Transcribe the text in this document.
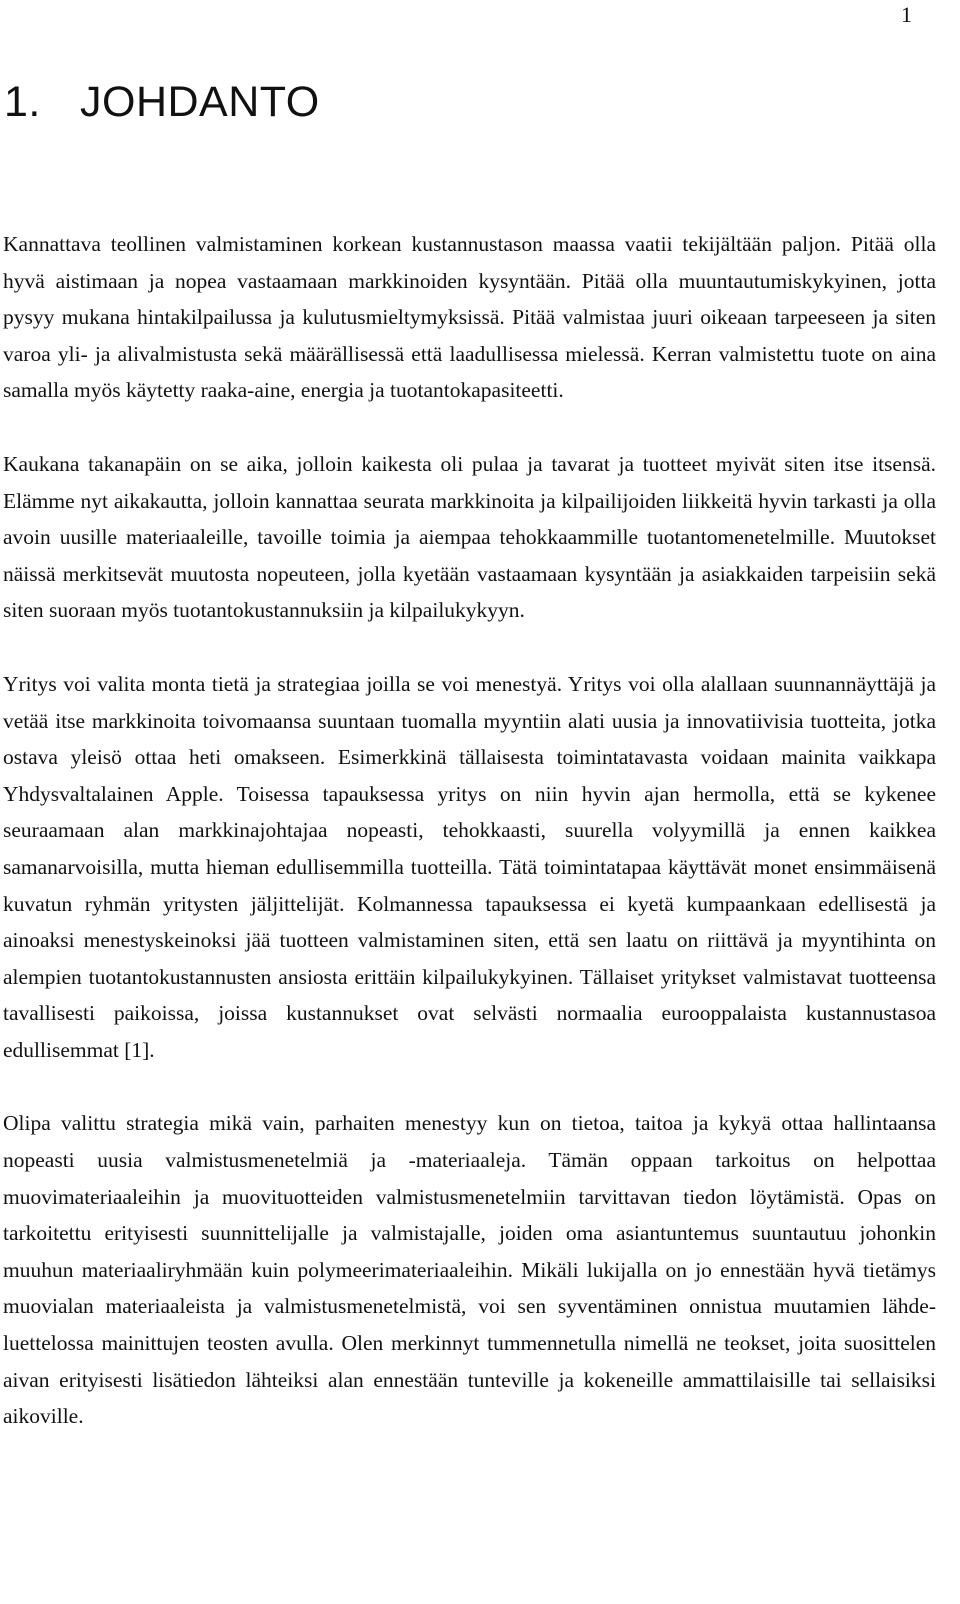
1
1. JOHDANTO

Kannattava teollinen valmistaminen korkean kustannustason maassa vaatii tekijältään paljon. Pitää olla hyvä aistimaan ja nopea vastaamaan markkinoiden kysyntään. Pitää olla muuntautumiskykyinen, jotta pysyy mukana hintakilpailussa ja kulutusmieltymyksissä. Pitää valmistaa juuri oikeaan tarpeeseen ja siten varoa yli- ja alivalmistusta sekä määrällisessä että laadullisessa mielessä. Kerran valmistettu tuote on aina samalla myös käytetty raaka-aine, energia ja tuotantokapasiteetti.

Kaukana takanapäin on se aika, jolloin kaikesta oli pulaa ja tavarat ja tuotteet myivät siten itse itsensä. Elämme nyt aikakautta, jolloin kannattaa seurata markkinoita ja kilpailijoiden liikkeitä hyvin tarkasti ja olla avoin uusille materiaaleille, tavoille toimia ja aiempaa tehokkaammille tuotantomenetelmille. Muutokset näissä merkitsevät muutosta nopeuteen, jolla kyetään vastaamaan kysyntään ja asiakkaiden tarpeisiin sekä siten suoraan myös tuotantokustannuksiin ja kilpailukykyyn.

Yritys voi valita monta tietä ja strategiaa joilla se voi menestyä. Yritys voi olla alallaan suunnannäyttäjä ja vetää itse markkinoita toivomaansa suuntaan tuomalla myyntiin alati uusia ja innovatiivisia tuotteita, jotka ostava yleisö ottaa heti omakseen. Esimerkkinä tällaisesta toimintatavasta voidaan mainita vaikkapa Yhdysvaltalainen Apple. Toisessa tapauksessa yritys on niin hyvin ajan hermolla, että se kykenee seuraamaan alan markkinajohtajaa nopeasti, tehokkaasti, suurella volyymillä ja ennen kaikkea samanarvoisilla, mutta hieman edullisemmilla tuotteilla. Tätä toimintatapaa käyttävät monet ensimmäisenä kuvatun ryhmän yritysten jäljittelijät. Kolmannessa tapauksessa ei kyetä kumpaankaan edellisestä ja ainoaksi menestyskeinoksi jää tuotteen valmistaminen siten, että sen laatu on riittävä ja myyntihinta on alempien tuotantokustannusten ansiosta erittäin kilpailukykyinen. Tällaiset yritykset valmistavat tuotteensa tavallisesti paikoissa, joissa kustannukset ovat selvästi normaalia eurooppalaista kustannustasoa edullisemmat [1].

Olipa valittu strategia mikä vain, parhaiten menestyy kun on tietoa, taitoa ja kykyä ottaa hallintaansa nopeasti uusia valmistusmenetelmiä ja -materiaaleja. Tämän oppaan tarkoitus on helpottaa muovimateriaaleihin ja muovituotteiden valmistusmenetelmiin tarvittavan tiedon löytämistä. Opas on tarkoitettu erityisesti suunnittelijalle ja valmistajalle, joiden oma asiantuntemus suuntautuu johonkin muuhun materiaaliryhmään kuin polymeerimateriaaleihin. Mikäli lukijalla on jo ennestään hyvä tietämys muovialan materiaaleista ja valmistusmenetelmistä, voi sen syventäminen onnistua muutamien lähdeluettelossa mainittujen teosten avulla. Olen merkinnyt tummennetulla nimellä ne teokset, joita suosittelen aivan erityisesti lisätiedon lähteiksi alan ennestään tunteville ja kokeneille ammattilaisille tai sellaisiksi aikoville.
